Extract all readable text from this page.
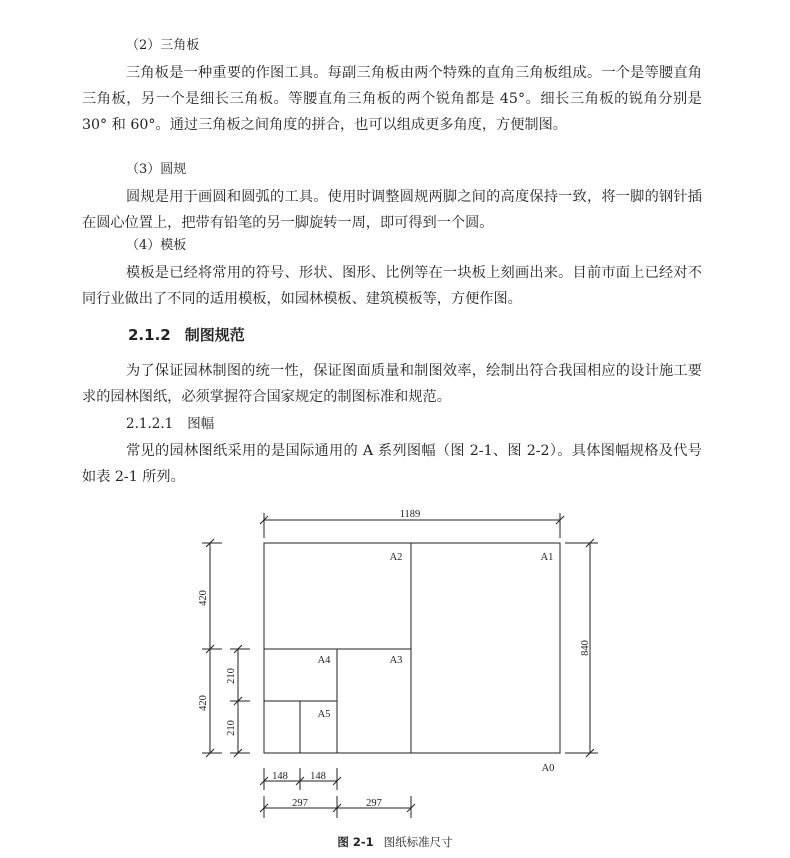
（2）三角板
三角板是一种重要的作图工具。每副三角板由两个特殊的直角三角板组成。一个是等腰直角三角板，另一个是细长三角板。等腰直角三角板的两个锐角都是 45°。细长三角板的锐角分别是 30° 和 60°。通过三角板之间角度的拼合，也可以组成更多角度，方便制图。
（3）圆规
圆规是用于画圆和圆弧的工具。使用时调整圆规两脚之间的高度保持一致，将一脚的钢针插在圆心位置上，把带有铅笔的另一脚旋转一周，即可得到一个圆。
（4）模板
模板是已经将常用的符号、形状、图形、比例等在一块板上刻画出来。目前市面上已经对不同行业做出了不同的适用模板，如园林模板、建筑模板等，方便作图。
2.1.2 制图规范
为了保证园林制图的统一性，保证图面质量和制图效率，绘制出符合我国相应的设计施工要求的园林图纸，必须掌握符合国家规定的制图标准和规范。
2.1.2.1 图幅
常见的园林图纸采用的是国际通用的 A 系列图幅（图 2-1、图 2-2）。具体图幅规格及代号如表 2-1 所列。
1189
840
420
420
210
210
148 148
297	297
A0
A1
A2
A3
A4
A5
图 2-1 图纸标准尺寸
